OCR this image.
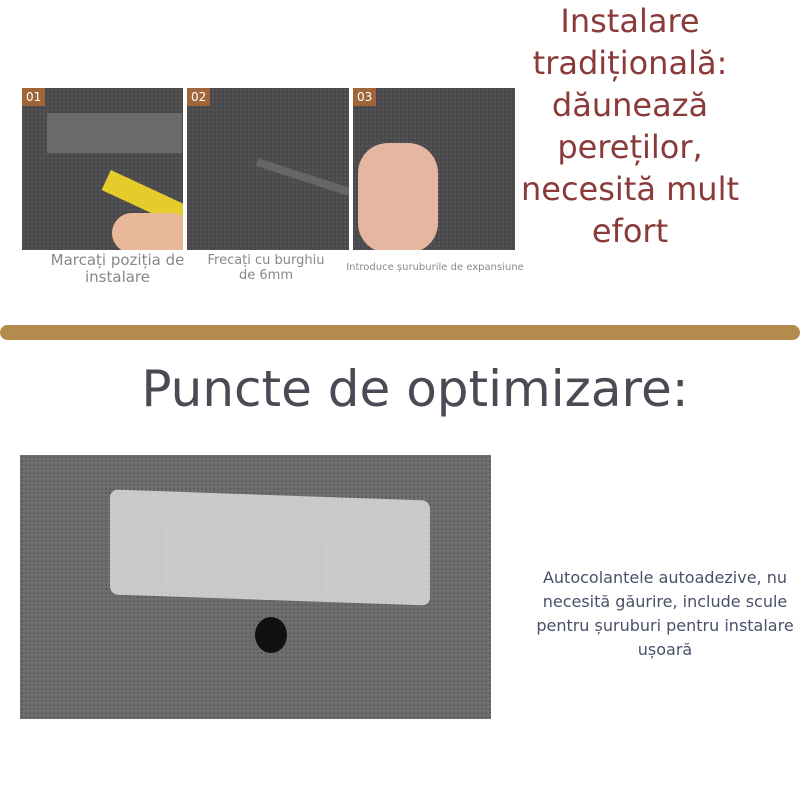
01	02	03
Marcați poziția de instalare
Frecați cu burghiu de 6mm
Introduce șuruburile de expansiune
Instalare tradițională: dăunează pereților, necesită mult efort
Puncte de optimizare:
Autocolantele autoadezive, nu necesită găurire, include scule pentru șuruburi pentru instalare ușoară
